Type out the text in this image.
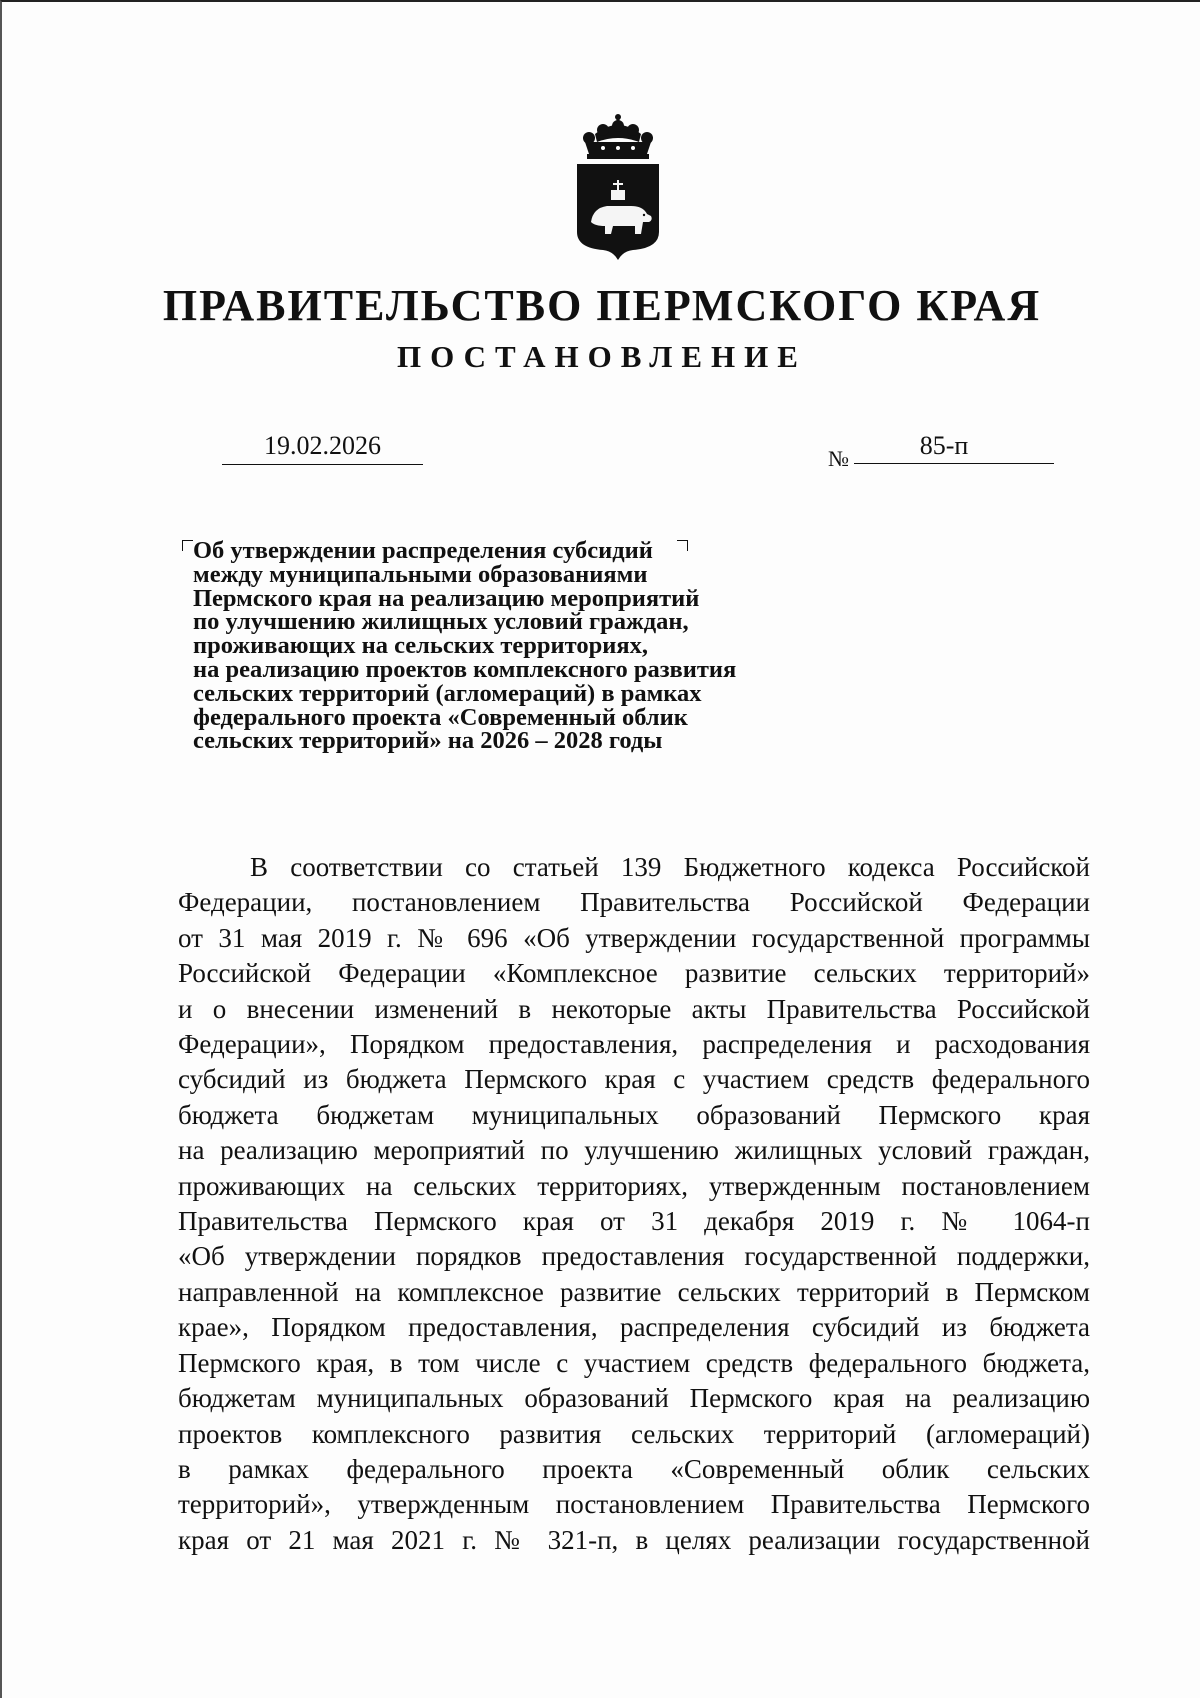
ПРАВИТЕЛЬСТВО ПЕРМСКОГО КРАЯ
ПОСТАНОВЛЕНИЕ
19.02.2026	№	85-п
Об утверждении распределения субсидий
между муниципальными образованиями
Пермского края на реализацию мероприятий
по улучшению жилищных условий граждан,
проживающих на сельских территориях,
на реализацию проектов комплексного развития
сельских территорий (агломераций) в рамках
федерального проекта «Современный облик
сельских территорий» на 2026 – 2028 годы
В соответствии со статьей 139 Бюджетного кодекса Российской
Федерации, постановлением Правительства Российской Федерации
от 31 мая 2019 г. № 696 «Об утверждении государственной программы
Российской Федерации «Комплексное развитие сельских территорий»
и о внесении изменений в некоторые акты Правительства Российской
Федерации», Порядком предоставления, распределения и расходования
субсидий из бюджета Пермского края с участием средств федерального
бюджета бюджетам муниципальных образований Пермского края
на реализацию мероприятий по улучшению жилищных условий граждан,
проживающих на сельских территориях, утвержденным постановлением
Правительства Пермского края от 31 декабря 2019 г. № 1064-п
«Об утверждении порядков предоставления государственной поддержки,
направленной на комплексное развитие сельских территорий в Пермском
крае», Порядком предоставления, распределения субсидий из бюджета
Пермского края, в том числе с участием средств федерального бюджета,
бюджетам муниципальных образований Пермского края на реализацию
проектов комплексного развития сельских территорий (агломераций)
в рамках федерального проекта «Современный облик сельских
территорий», утвержденным постановлением Правительства Пермского
края от 21 мая 2021 г. № 321-п, в целях реализации государственной
